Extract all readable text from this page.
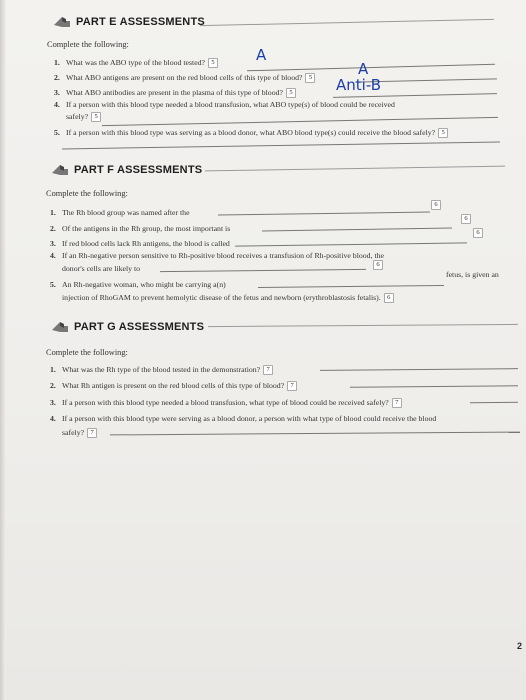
PART E ASSESSMENTS
Complete the following:
1. What was the ABO type of the blood tested? 5	A
2. What ABO antigens are present on the red blood cells of this type of blood? 5	A
3. What ABO antibodies are present in the plasma of this type of blood? 5	Anti-B
4. If a person with this blood type needed a blood transfusion, what ABO type(s) of blood could be received
safely? 5
5. If a person with this blood type was serving as a blood donor, what ABO blood type(s) could receive the blood safely? 5
PART F ASSESSMENTS
Complete the following:
1. The Rh blood group was named after the
6
2. Of the antigens in the Rh group, the most important is
6
3. If red blood cells lack Rh antigens, the blood is called
6
4. If an Rh-negative person sensitive to Rh-positive blood receives a transfusion of Rh-positive blood, the
donor's cells are likely to	6
5. An Rh-negative woman, who might be carrying a(n)
fetus, is given an
injection of RhoGAM to prevent hemolytic disease of the fetus and newborn (erythroblastosis fetalis). 6
PART G ASSESSMENTS
Complete the following:
1. What was the Rh type of the blood tested in the demonstration? 7
2. What Rh antigen is present on the red blood cells of this type of blood? 7
3. If a person with this blood type needed a blood transfusion, what type of blood could be received safely? 7
4. If a person with this blood type were serving as a blood donor, a person with what type of blood could receive the blood
safely? 7
2
